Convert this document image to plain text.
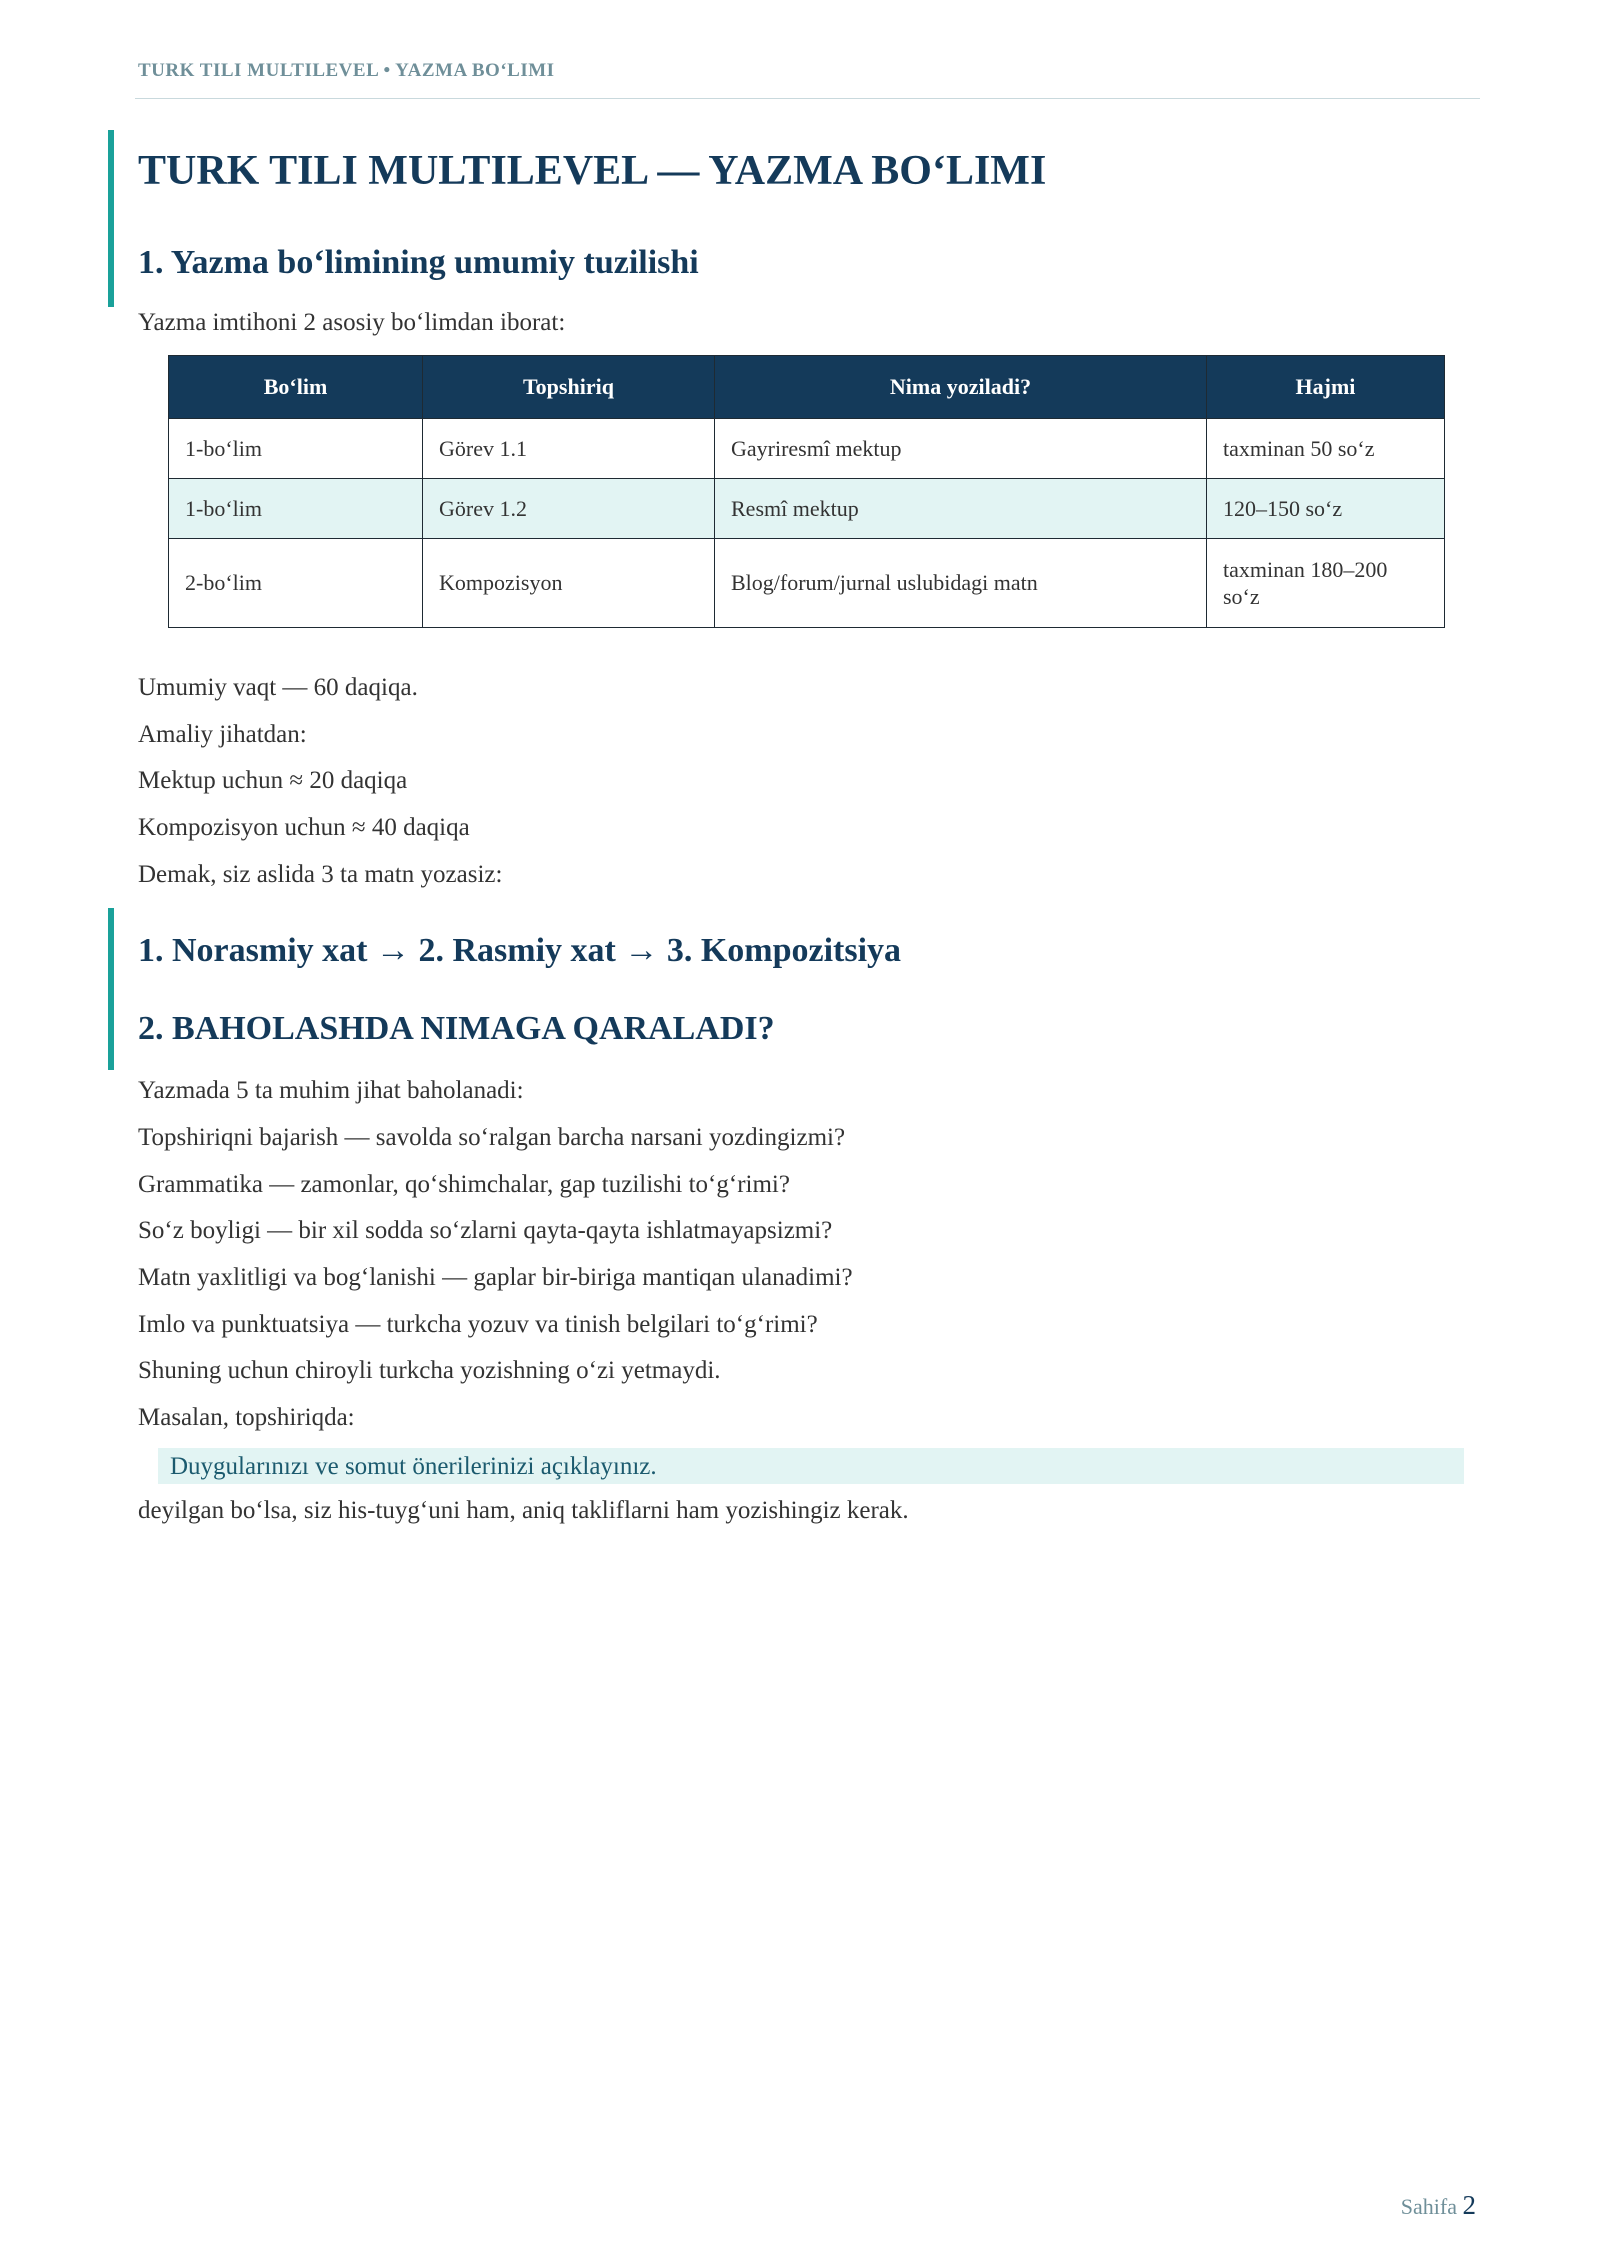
TURK TILI MULTILEVEL • YAZMA BO‘LIMI
TURK TILI MULTILEVEL — YAZMA BO‘LIMI
1. Yazma bo‘limining umumiy tuzilishi

Yazma imtihoni 2 asosiy bo‘limdan iborat:

Bo‘lim	Topshiriq	Nima yoziladi?	Hajmi
1-bo‘lim	Görev 1.1	Gayriresmî mektup	taxminan 50 so‘z
1-bo‘lim	Görev 1.2	Resmî mektup	120–150 so‘z
2-bo‘lim	Kompozisyon	Blog/forum/jurnal uslubidagi matn	taxminan 180–200 so‘z

Umumiy vaqt — 60 daqiqa.

Amaliy jihatdan:

Mektup uchun ≈ 20 daqiqa

Kompozisyon uchun ≈ 40 daqiqa

Demak, siz aslida 3 ta matn yozasiz:

1. Norasmiy xat → 2. Rasmiy xat → 3. Kompozitsiya
2. BAHOLASHDA NIMAGA QARALADI?

Yazmada 5 ta muhim jihat baholanadi:

Topshiriqni bajarish — savolda so‘ralgan barcha narsani yozdingizmi?

Grammatika — zamonlar, qo‘shimchalar, gap tuzilishi to‘g‘rimi?

So‘z boyligi — bir xil sodda so‘zlarni qayta-qayta ishlatmayapsizmi?

Matn yaxlitligi va bog‘lanishi — gaplar bir-biriga mantiqan ulanadimi?

Imlo va punktuatsiya — turkcha yozuv va tinish belgilari to‘g‘rimi?

Shuning uchun chiroyli turkcha yozishning o‘zi yetmaydi.

Masalan, topshiriqda:

Duygularınızı ve somut önerilerinizi açıklayınız.

deyilgan bo‘lsa, siz his-tuyg‘uni ham, aniq takliflarni ham yozishingiz kerak.

Sahifa 2
